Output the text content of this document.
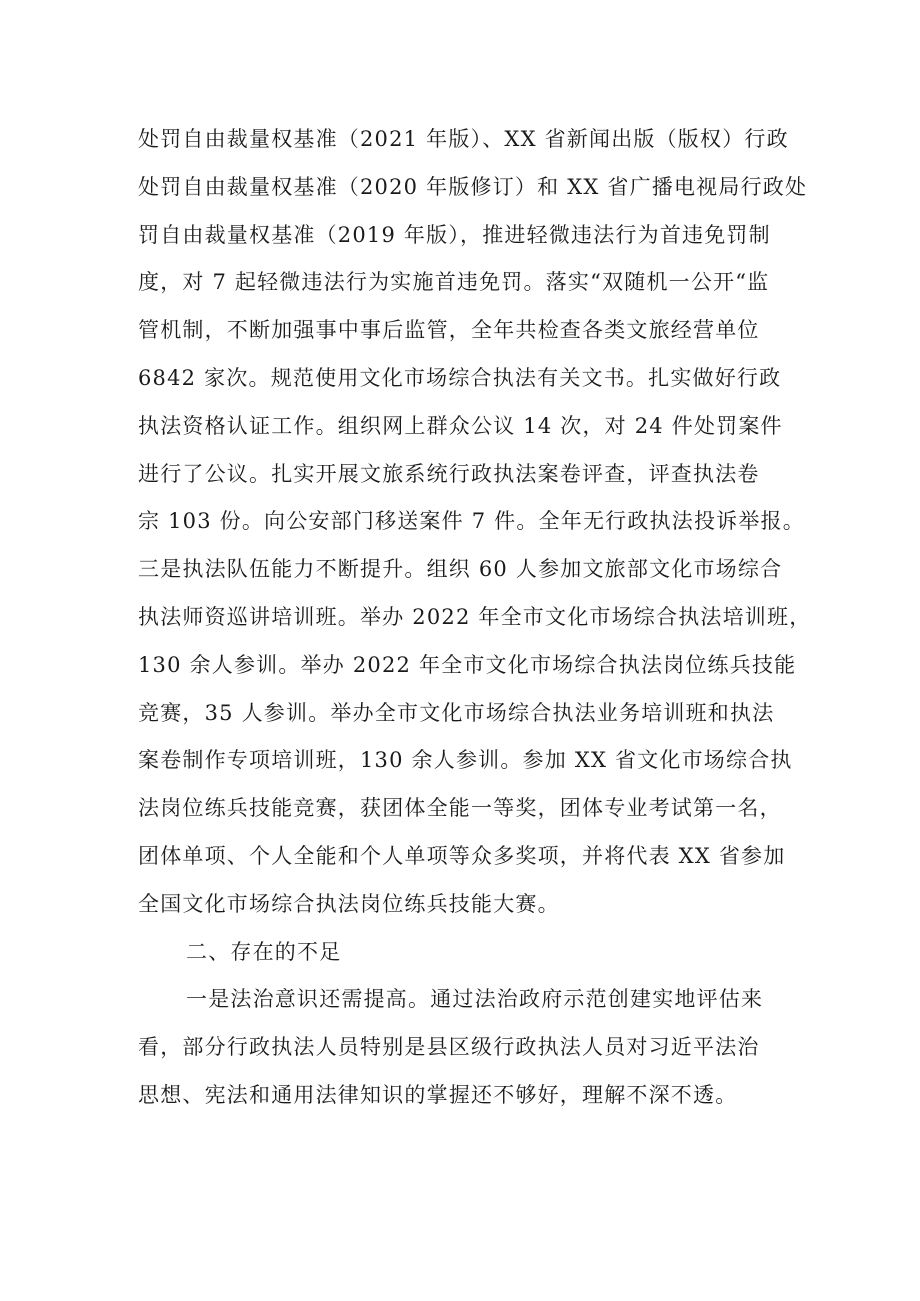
处罚自由裁量权基准（2021 年版）、XX 省新闻出版（版权）行政
处罚自由裁量权基准（2020 年版修订）和 XX 省广播电视局行政处
罚自由裁量权基准（2019 年版），推进轻微违法行为首违免罚制
度，对 7 起轻微违法行为实施首违免罚。落实“双随机一公开“监
管机制，不断加强事中事后监管，全年共检查各类文旅经营单位
6842 家次。规范使用文化市场综合执法有关文书。扎实做好行政
执法资格认证工作。组织网上群众公议 14 次，对 24 件处罚案件
进行了公议。扎实开展文旅系统行政执法案卷评查，评查执法卷
宗 103 份。向公安部门移送案件 7 件。全年无行政执法投诉举报。
三是执法队伍能力不断提升。组织 60 人参加文旅部文化市场综合
执法师资巡讲培训班。举办 2022 年全市文化市场综合执法培训班，
130 余人参训。举办 2022 年全市文化市场综合执法岗位练兵技能
竞赛，35 人参训。举办全市文化市场综合执法业务培训班和执法
案卷制作专项培训班，130 余人参训。参加 XX 省文化市场综合执
法岗位练兵技能竞赛，获团体全能一等奖，团体专业考试第一名，
团体单项、个人全能和个人单项等众多奖项，并将代表 XX 省参加
全国文化市场综合执法岗位练兵技能大赛。
二、存在的不足
一是法治意识还需提高。通过法治政府示范创建实地评估来
看，部分行政执法人员特别是县区级行政执法人员对习近平法治
思想、宪法和通用法律知识的掌握还不够好，理解不深不透。
